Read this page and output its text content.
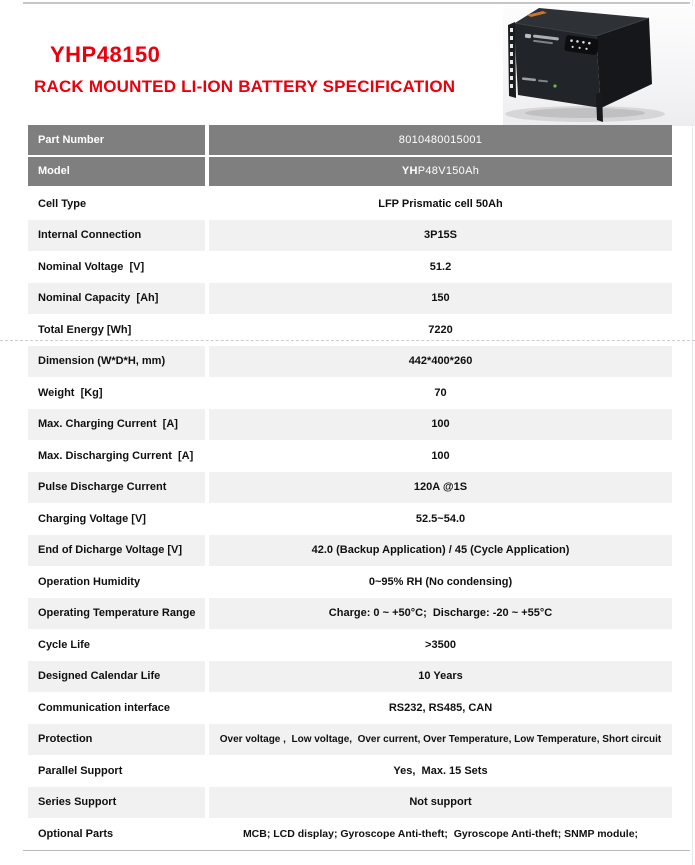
YHP48150
RACK MOUNTED LI-ION BATTERY SPECIFICATION
Part Number	8010480015001
Model	YH P48V150Ah
Cell Type	LFP Prismatic cell 50Ah
Internal Connection	3P15S
Nominal Voltage  [V]	51.2
Nominal Capacity  [Ah]	150
Total Energy [Wh]	7220
Dimension (W*D*H, mm)	442*400*260
Weight  [Kg]	70
Max. Charging Current  [A]	100
Max. Discharging Current  [A]	100
Pulse Discharge Current	120A @1S
Charging Voltage [V]	52.5~54.0
End of Dicharge Voltage [V]	42.0 (Backup Application) / 45 (Cycle Application)
Operation Humidity	0~95% RH (No condensing)
Operating Temperature Range	Charge: 0 ~ +50°C;  Discharge: -20 ~ +55°C
Cycle Life	>3500
Designed Calendar Life	10 Years
Communication interface	RS232, RS485, CAN
Protection	Over voltage ,  Low voltage,  Over current, Over Temperature, Low Temperature, Short circuit
Parallel Support	Yes,  Max. 15 Sets
Series Support	Not support
Optional Parts	MCB; LCD display; Gyroscope Anti-theft;  Gyroscope Anti-theft; SNMP module;
